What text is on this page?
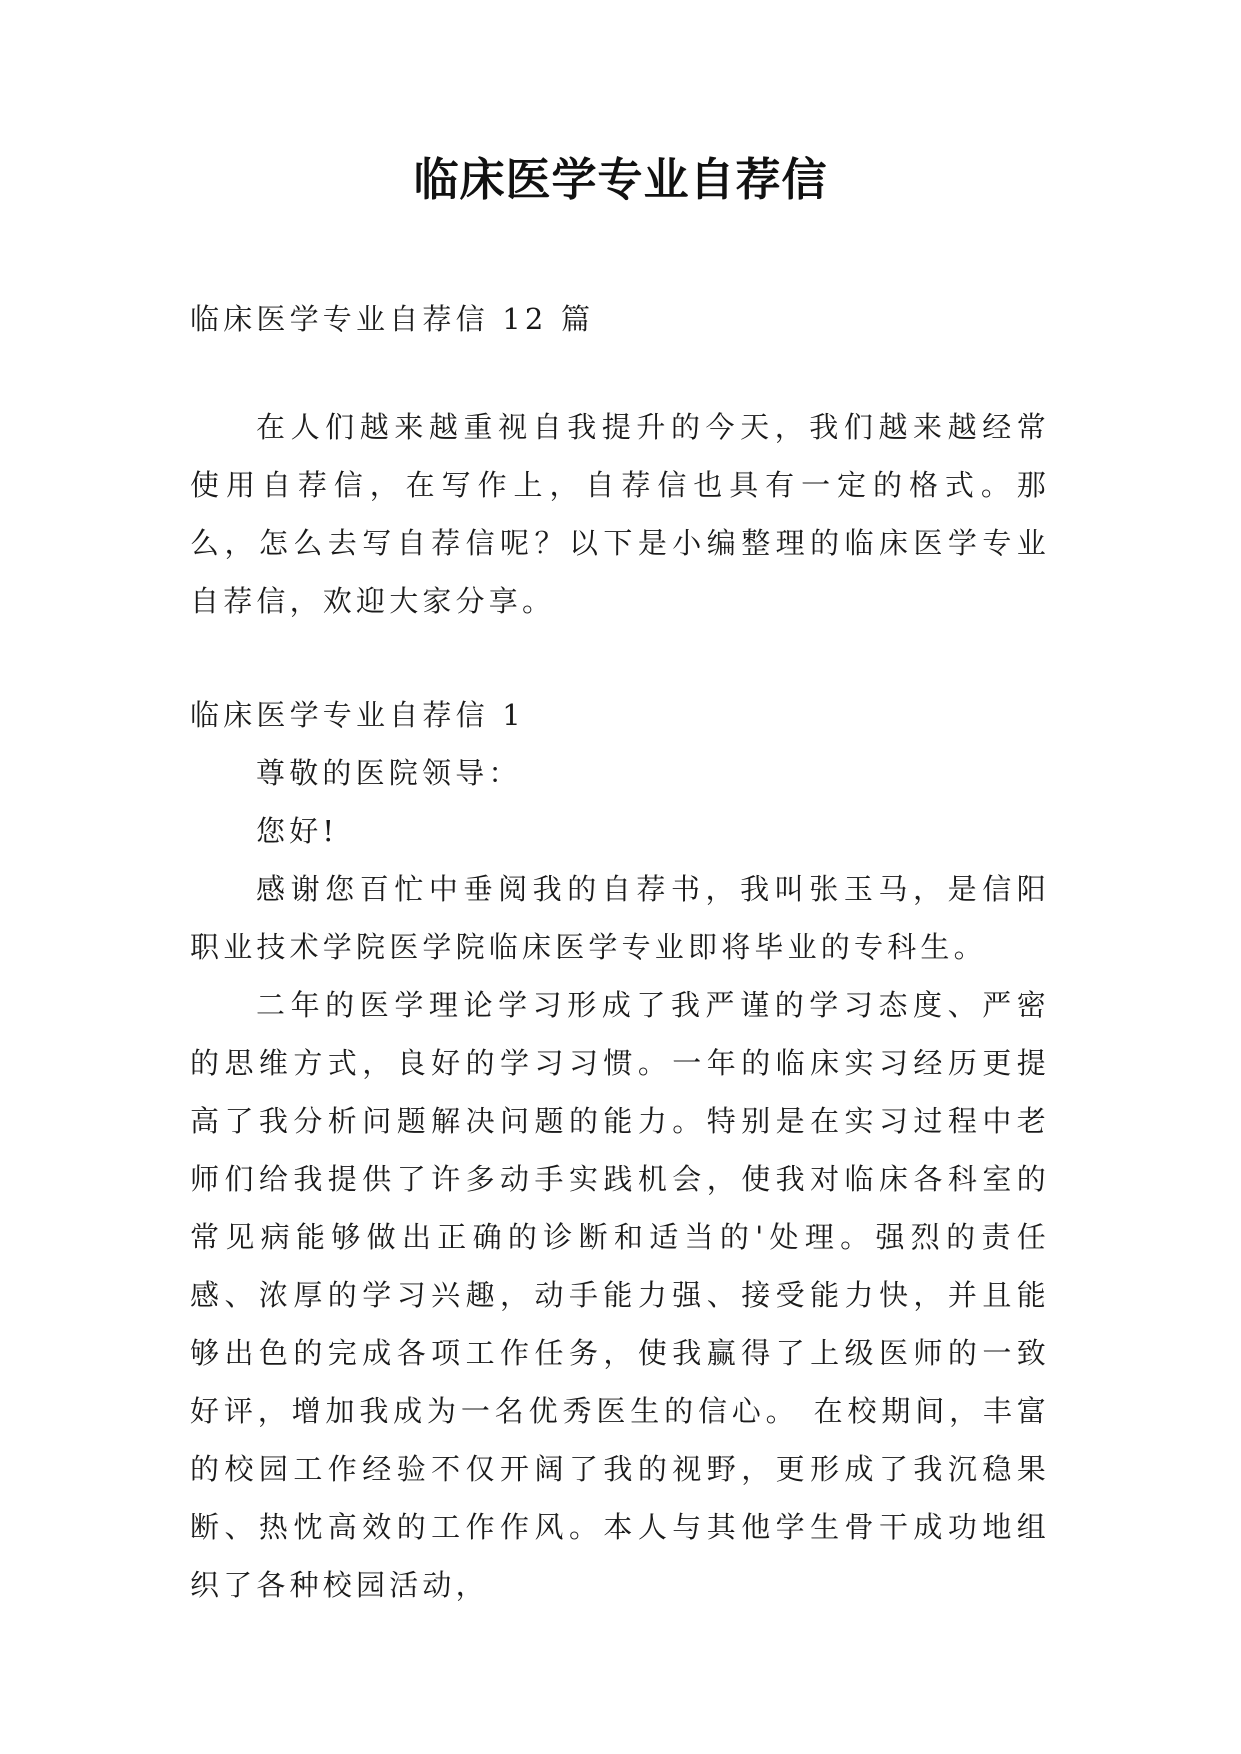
临床医学专业自荐信

临床医学专业自荐信 12 篇

在人们越来越重视自我提升的今天，我们越来越经常使用自荐信，在写作上，自荐信也具有一定的格式。那么，怎么去写自荐信呢？以下是小编整理的临床医学专业自荐信，欢迎大家分享。

临床医学专业自荐信 1

尊敬的医院领导：

您好!

感谢您百忙中垂阅我的自荐书，我叫张玉马，是信阳职业技术学院医学院临床医学专业即将毕业的专科生。

二年的医学理论学习形成了我严谨的学习态度、严密的思维方式，良好的学习习惯。一年的临床实习经历更提高了我分析问题解决问题的能力。特别是在实习过程中老师们给我提供了许多动手实践机会，使我对临床各科室的常见病能够做出正确的诊断和适当的'处理。强烈的责任感、浓厚的学习兴趣，动手能力强、接受能力快，并且能够出色的完成各项工作任务，使我赢得了上级医师的一致好评，增加我成为一名优秀医生的信心。 在校期间，丰富的校园工作经验不仅开阔了我的视野，更形成了我沉稳果断、热忱高效的工作作风。本人与其他学生骨干成功地组织了各种校园活动，
